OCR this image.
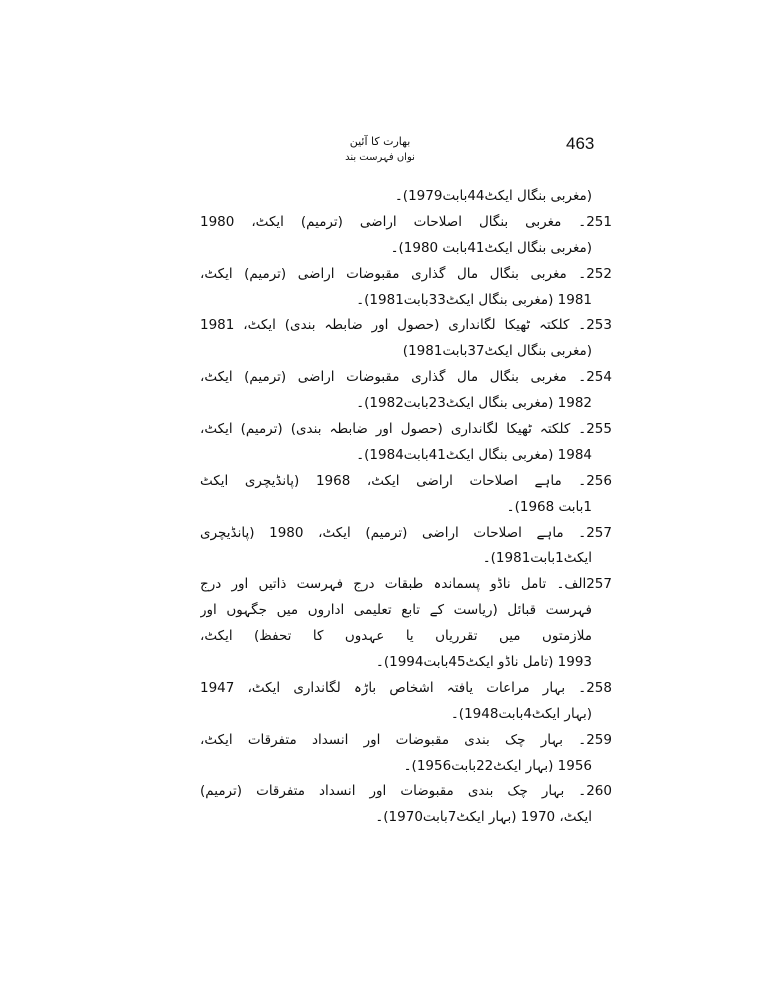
463
بھارت کا آئین
نواں فہرست بند
(مغربی بنگال ایکٹ44بابت1979)۔
251۔ مغربی بنگال اصلاحات اراضی (ترمیم) ایکٹ، 1980
(مغربی بنگال ایکٹ41بابت 1980)۔
252۔ مغربی بنگال مال گذاری مقبوضات اراضی (ترمیم) ایکٹ،
1981 (مغربی بنگال ایکٹ33بابت1981)۔
253۔ کلکتہ ٹھیکا لگانداری (حصول اور ضابطہ بندی) ایکٹ، 1981
(مغربی بنگال ایکٹ37بابت1981)
254۔ مغربی بنگال مال گذاری مقبوضات اراضی (ترمیم) ایکٹ،
1982 (مغربی بنگال ایکٹ23بابت1982)۔
255۔ کلکتہ ٹھیکا لگانداری (حصول اور ضابطہ بندی) (ترمیم) ایکٹ،
1984 (مغربی بنگال ایکٹ41بابت1984)۔
256۔ ماہے اصلاحات اراضی ایکٹ، 1968 (پانڈیچری ایکٹ
1بابت 1968)۔
257۔ ماہے اصلاحات اراضی (ترمیم) ایکٹ، 1980 (پانڈیچری
ایکٹ1بابت1981)۔
257الف۔ تامل ناڈو پسماندہ طبقات درج فہرست ذاتیں اور درج
فہرست قبائل (ریاست کے تابع تعلیمی اداروں میں جگہوں اور
ملازمتوں میں تقرریاں یا عہدوں کا تحفظ) ایکٹ،
1993 (تامل ناڈو ایکٹ45بابت1994)۔
258۔ بہار مراعات یافتہ اشخاص باڑہ لگانداری ایکٹ، 1947
(بہار ایکٹ4بابت1948)۔
259۔ بہار چک بندی مقبوضات اور انسداد متفرقات ایکٹ،
1956 (بہار ایکٹ22بابت1956)۔
260۔ بہار چک بندی مقبوضات اور انسداد متفرقات (ترمیم)
ایکٹ، 1970 (بہار ایکٹ7بابت1970)۔
